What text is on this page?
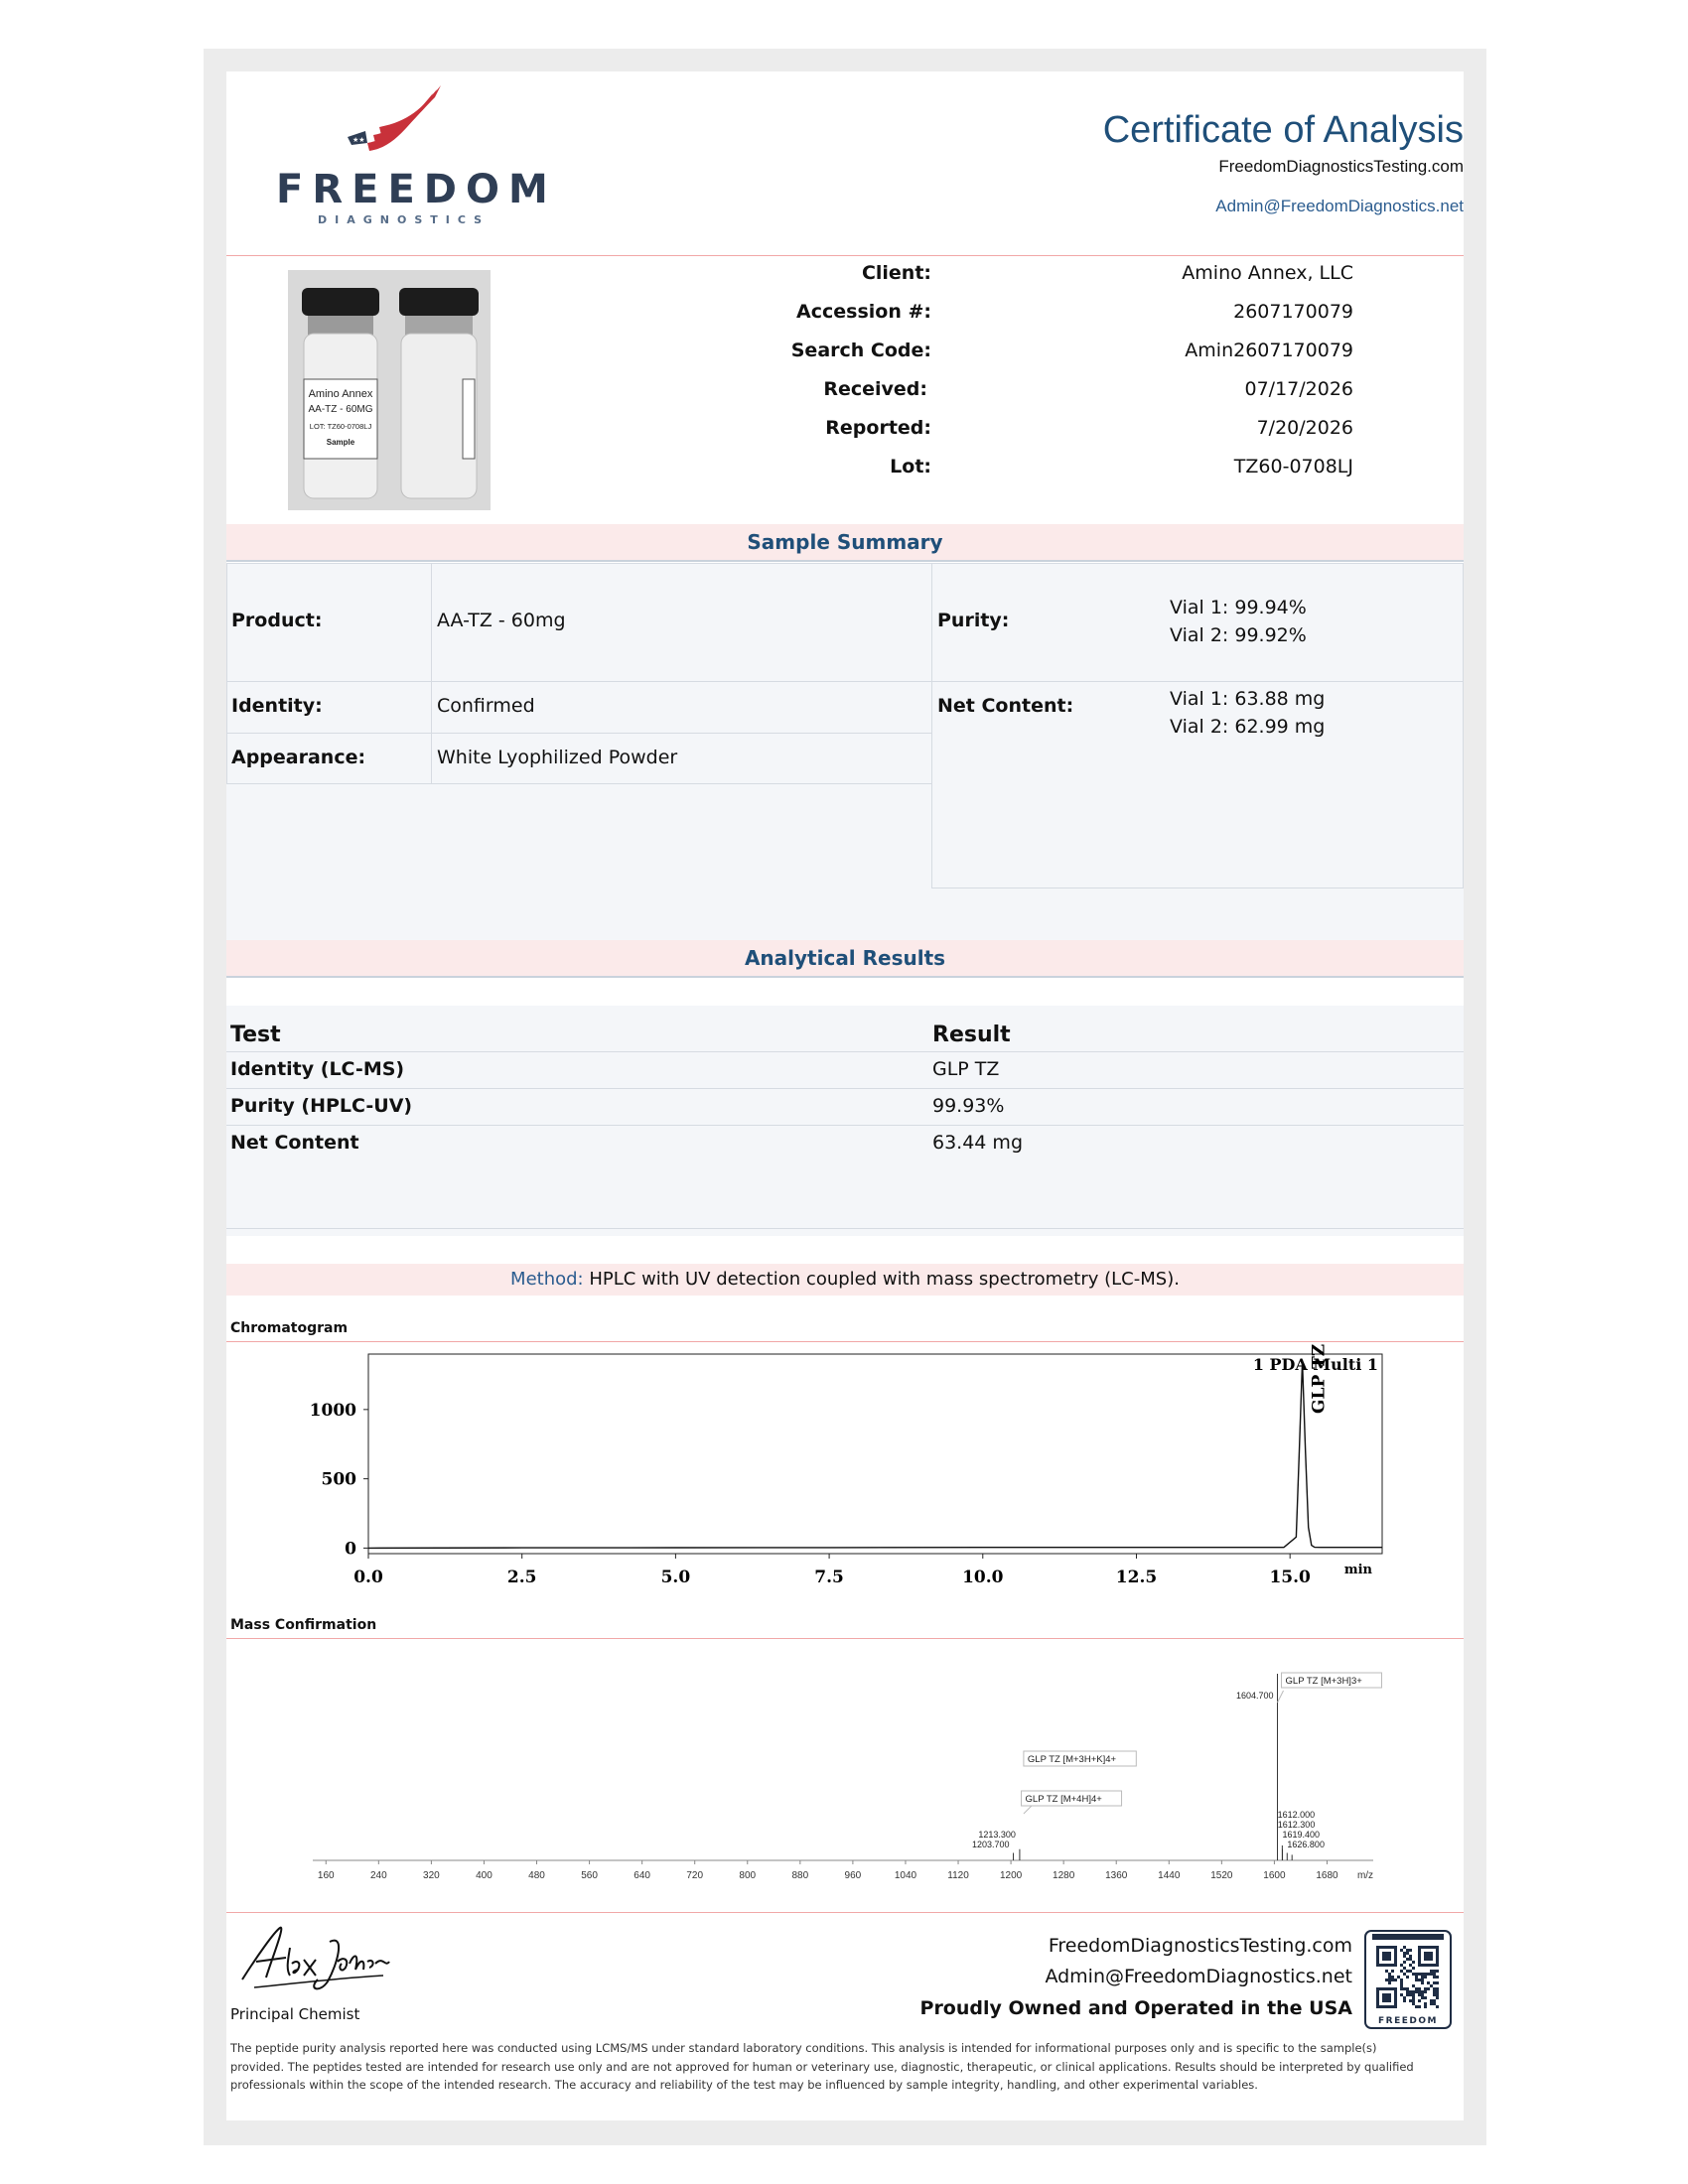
★★
FREEDOM
DIAGNOSTICS
Certificate of Analysis
FreedomDiagnosticsTesting.com
Admin@FreedomDiagnostics.net
Amino Annex
AA-TZ - 60MG
LOT: TZ60-0708LJ
Sample
Client:	Amino Annex, LLC
Accession #:	2607170079
Search Code:	Amin2607170079
Received:	07/17/2026
Reported:	7/20/2026
Lot:	TZ60-0708LJ
Sample Summary
Product:	AA-TZ - 60mg
Identity:	Confirmed
Appearance:	White Lyophilized Powder
Purity:
Vial 1: 99.94%
Vial 2: 99.92%
Net Content:	Vial 1: 63.88 mg
Vial 2: 62.99 mg
Analytical Results
Test	Result
Identity (LC-MS)	GLP TZ
Purity (HPLC-UV)	99.93%
Net Content	63.44 mg
Method: HPLC with UV detection coupled with mass spectrometry (LC-MS).
Chromatogram
0.0	2.5	5.0	7.5	10.0	12.5	15.0
0
500
1000
min
1 PDA Multi 1
GLP TZ
Mass Confirmation
160	240	320	400	480	560	640	720	800	880	960	1040	1120	1200	1280	1360	1440	1520	1600	1680 m/z
1213.300
1203.700
1604.700
1612.000
1612.300
1619.400
1626.800
GLP TZ [M+3H]3+
GLP TZ [M+3H+K]4+
GLP TZ [M+4H]4+
Principal Chemist
FreedomDiagnosticsTesting.com
Admin@FreedomDiagnostics.net
Proudly Owned and Operated in the USA
FREEDOM
The peptide purity analysis reported here was conducted using LCMS/MS under standard laboratory conditions. This analysis is intended for informational purposes only and is specific to the sample(s) provided. The peptides tested are intended for research use only and are not approved for human or veterinary use, diagnostic, therapeutic, or clinical applications. Results should be interpreted by qualified professionals within the scope of the intended research. The accuracy and reliability of the test may be influenced by sample integrity, handling, and other experimental variables.
